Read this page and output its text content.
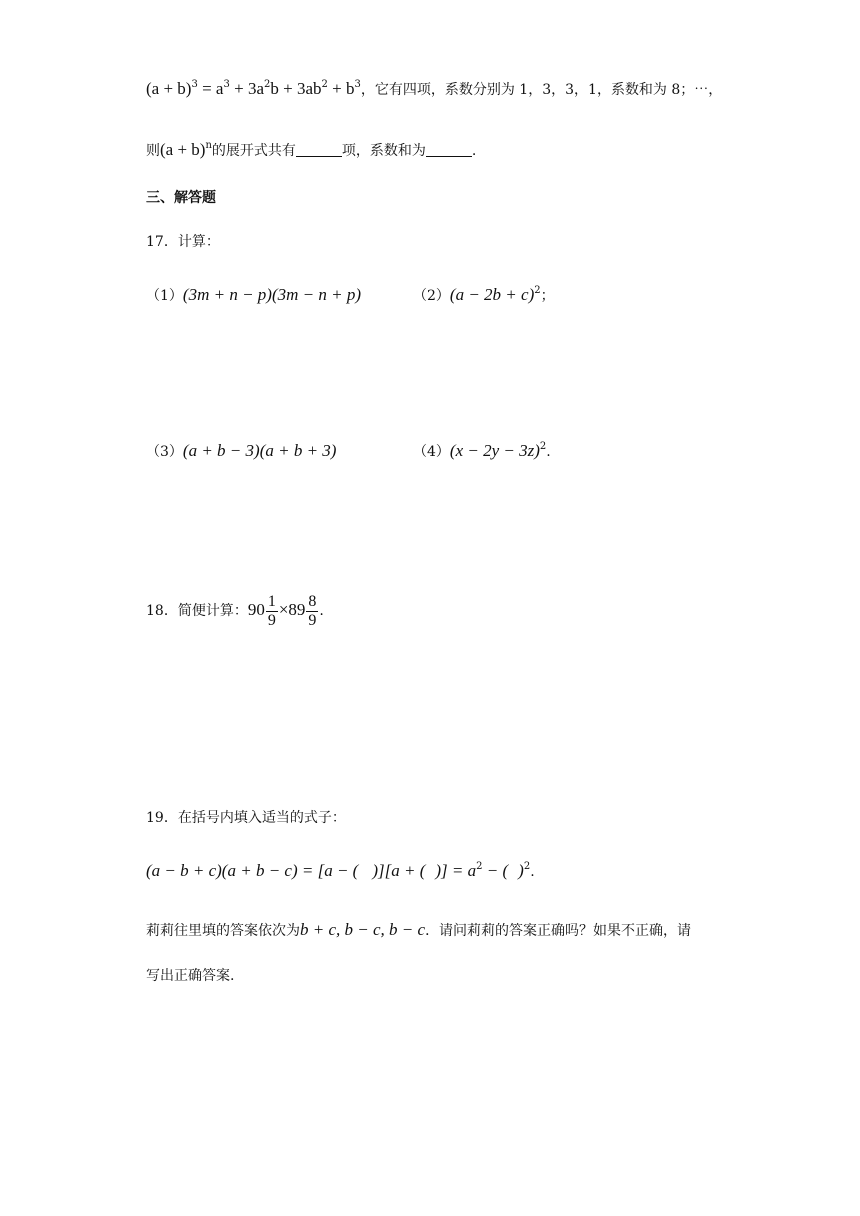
$(a + b)^3 = a^3 + 3a^2b + 3ab^2 + b^3$，它有四项，系数分别为 1，3，3，1，系数和为 8；⋯，
则$(a + b)^n$的展开式共有	项，系数和为	.
三、解答题
17．计算：
（1）(3m + n − p)(3m − n + p)	$(2)(a - 2b + c)^2$；
（3）(a + b − 3)(a + b + 3)	$(4)(x - 2y - 3z)^2$.
18．简便计算：$90 \frac{1}{9} \times 89 \frac{8}{9}$ .
19．在括号内填入适当的式子：
(a − b + c)(a + b − c) = [a − ( )][a + ( )] = $a^2$ − ( )$^2$.
莉莉往里填的答案依次为b + c, b − c, b − c．请问莉莉的答案正确吗？如果不正确，请
写出正确答案.
